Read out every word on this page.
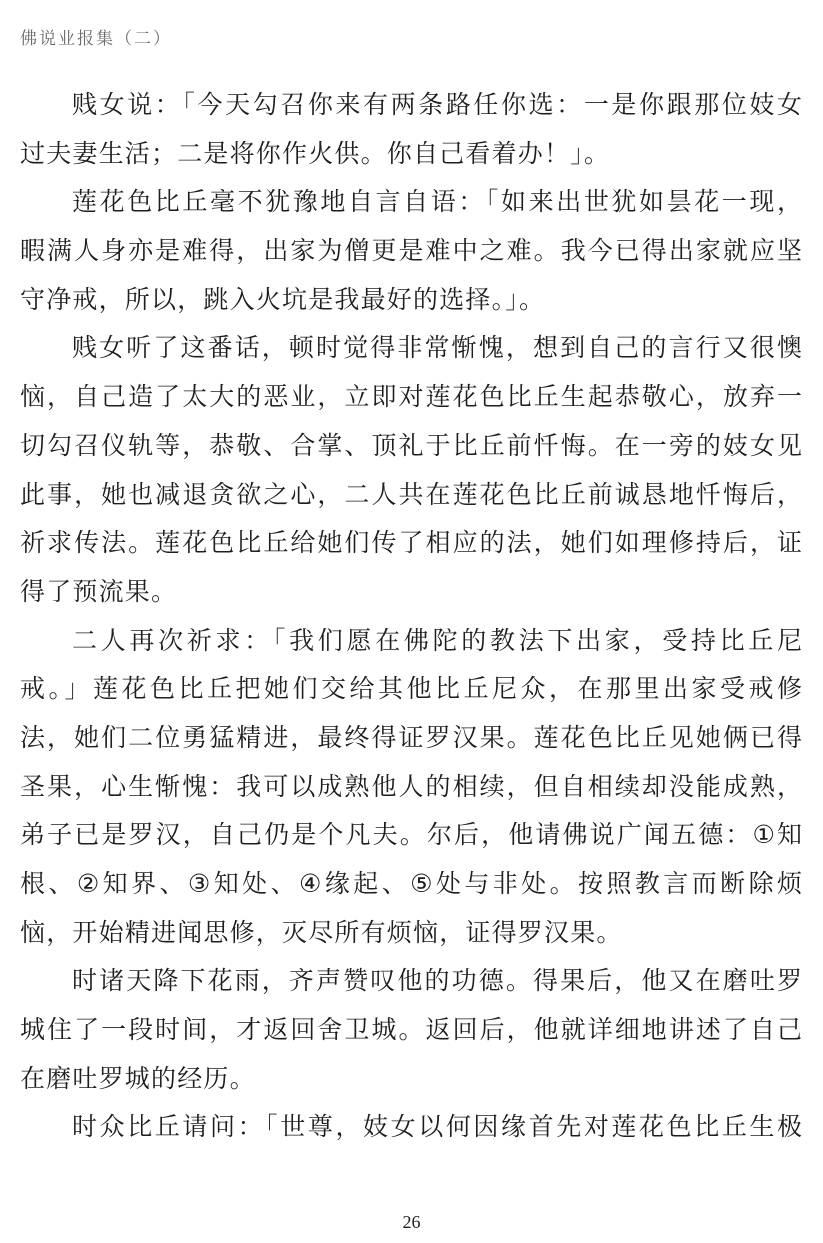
佛说业报集（二）
贱女说：「今天勾召你来有两条路任你选：一是你跟那位妓女
过夫妻生活；二是将你作火供。你自己看着办！」。
莲花色比丘毫不犹豫地自言自语：「如来出世犹如昙花一现，
暇满人身亦是难得，出家为僧更是难中之难。我今已得出家就应坚
守净戒，所以，跳入火坑是我最好的选择。」。
贱女听了这番话，顿时觉得非常惭愧，想到自己的言行又很懊
恼，自己造了太大的恶业，立即对莲花色比丘生起恭敬心，放弃一
切勾召仪轨等，恭敬、合掌、顶礼于比丘前忏悔。在一旁的妓女见
此事，她也减退贪欲之心，二人共在莲花色比丘前诚恳地忏悔后，
祈求传法。莲花色比丘给她们传了相应的法，她们如理修持后，证
得了预流果。
二人再次祈求：「我们愿在佛陀的教法下出家，受持比丘尼
戒。」莲花色比丘把她们交给其他比丘尼众，在那里出家受戒修
法，她们二位勇猛精进，最终得证罗汉果。莲花色比丘见她俩已得
圣果，心生惭愧：我可以成熟他人的相续，但自相续却没能成熟，
弟子已是罗汉，自己仍是个凡夫。尔后，他请佛说广闻五德：①知
根、②知界、③知处、④缘起、⑤处与非处。按照教言而断除烦
恼，开始精进闻思修，灭尽所有烦恼，证得罗汉果。
时诸天降下花雨，齐声赞叹他的功德。得果后，他又在磨吐罗
城住了一段时间，才返回舍卫城。返回后，他就详细地讲述了自己
在磨吐罗城的经历。
时众比丘请问：「世尊，妓女以何因缘首先对莲花色比丘生极
26
